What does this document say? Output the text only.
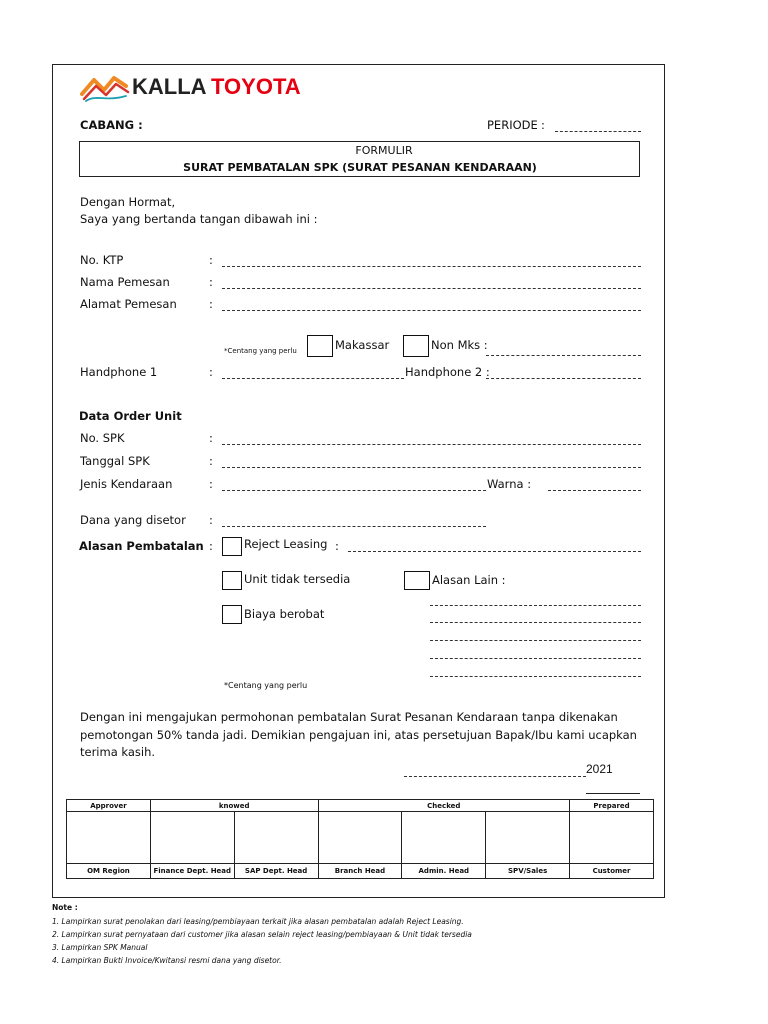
KALLA TOYOTA
CABANG :	PERIODE :
FORMULIR
SURAT PEMBATALAN SPK (SURAT PESANAN KENDARAAN)
Dengan Hormat,
Saya yang bertanda tangan dibawah ini :
No. KTP	:
Nama Pemesan	:
Alamat Pemesan	:
*Centang yang perlu	Makassar	Non Mks :
Handphone 1	:	Handphone 2 :
Data Order Unit
No. SPK	:
Tanggal SPK	:
Jenis Kendaraan	:	Warna :
Dana yang disetor :
Alasan Pembatalan :	Reject Leasing :
Unit tidak tersedia	Alasan Lain :
Biaya berobat
*Centang yang perlu
Dengan ini mengajukan permohonan pembatalan Surat Pesanan Kendaraan tanpa dikenakan
pemotongan 50% tanda jadi. Demikian pengajuan ini, atas persetujuan Bapak/Ibu kami ucapkan
terima kasih.
2021
Approver	knowed		Checked			Prepared

OM Region	Finance Dept. Head	SAP Dept. Head	Branch Head	Admin. Head	SPV/Sales	Customer
Note :
1. Lampirkan surat penolakan dari leasing/pembiayaan terkait jika alasan pembatalan adalah Reject Leasing.
2. Lampirkan surat pernyataan dari customer jika alasan selain reject leasing/pembiayaan & Unit tidak tersedia
3. Lampirkan SPK Manual
4. Lampirkan Bukti Invoice/Kwitansi resmi dana yang disetor.
